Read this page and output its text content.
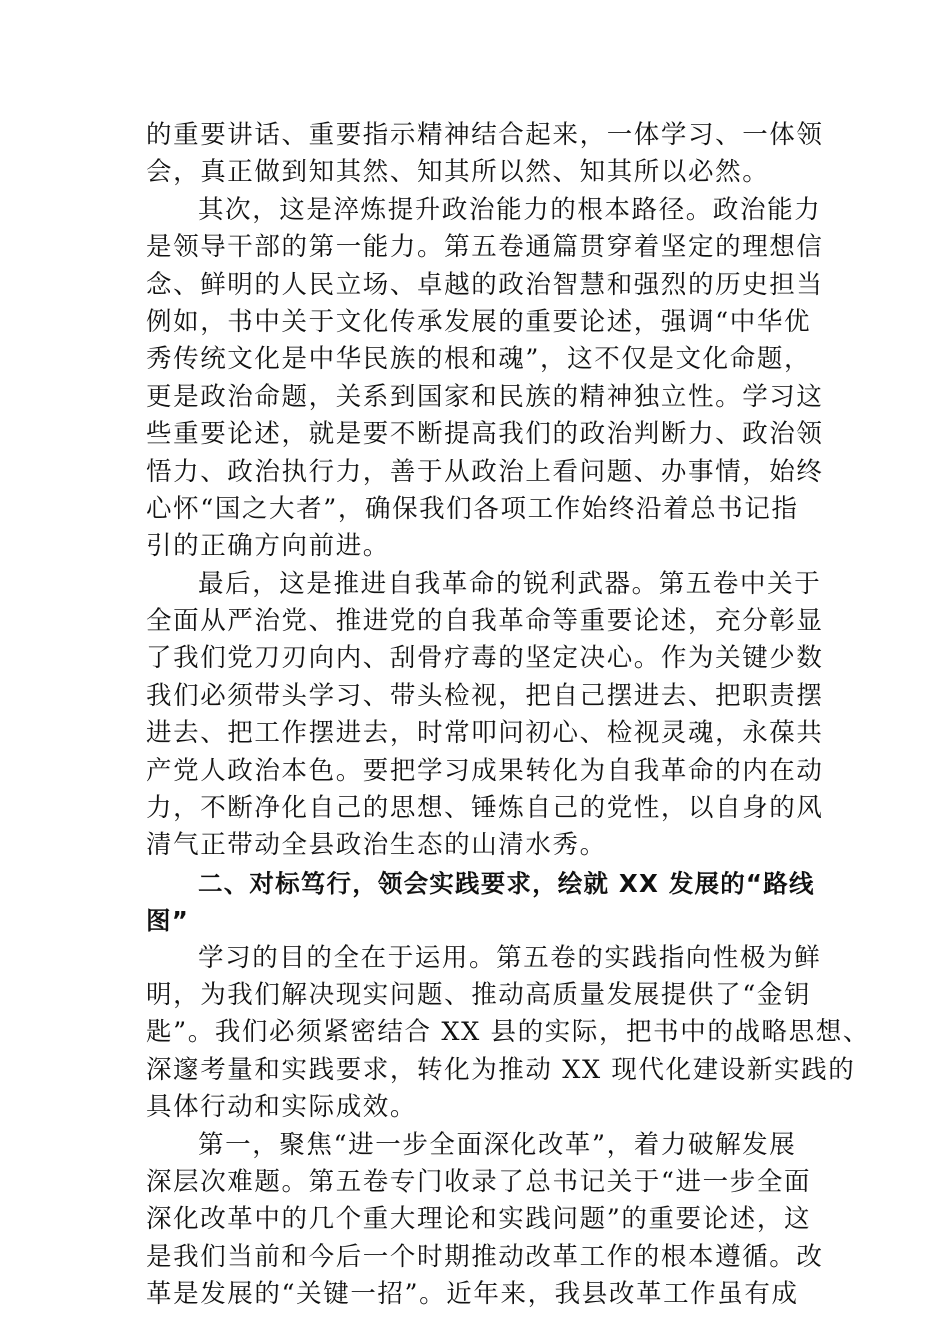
的重要讲话、重要指示精神结合起来，一体学习、一体领
会，真正做到知其然、知其所以然、知其所以必然。
其次，这是淬炼提升政治能力的根本路径。政治能力
是领导干部的第一能力。第五卷通篇贯穿着坚定的理想信
念、鲜明的人民立场、卓越的政治智慧和强烈的历史担当
例如，书中关于文化传承发展的重要论述，强调“中华优
秀传统文化是中华民族的根和魂”，这不仅是文化命题，
更是政治命题，关系到国家和民族的精神独立性。学习这
些重要论述，就是要不断提高我们的政治判断力、政治领
悟力、政治执行力，善于从政治上看问题、办事情，始终
心怀“国之大者”，确保我们各项工作始终沿着总书记指
引的正确方向前进。
最后，这是推进自我革命的锐利武器。第五卷中关于
全面从严治党、推进党的自我革命等重要论述，充分彰显
了我们党刀刃向内、刮骨疗毒的坚定决心。作为关键少数
我们必须带头学习、带头检视，把自己摆进去、把职责摆
进去、把工作摆进去，时常叩问初心、检视灵魂，永葆共
产党人政治本色。要把学习成果转化为自我革命的内在动
力，不断净化自己的思想、锤炼自己的党性，以自身的风
清气正带动全县政治生态的山清水秀。
二、对标笃行，领会实践要求，绘就 XX 发展的“路线
图”
学习的目的全在于运用。第五卷的实践指向性极为鲜
明，为我们解决现实问题、推动高质量发展提供了“金钥
匙”。我们必须紧密结合 XX 县的实际，把书中的战略思想、
深邃考量和实践要求，转化为推动 XX 现代化建设新实践的
具体行动和实际成效。
第一，聚焦“进一步全面深化改革”，着力破解发展
深层次难题。第五卷专门收录了总书记关于“进一步全面
深化改革中的几个重大理论和实践问题”的重要论述，这
是我们当前和今后一个时期推动改革工作的根本遵循。改
革是发展的“关键一招”。近年来，我县改革工作虽有成
